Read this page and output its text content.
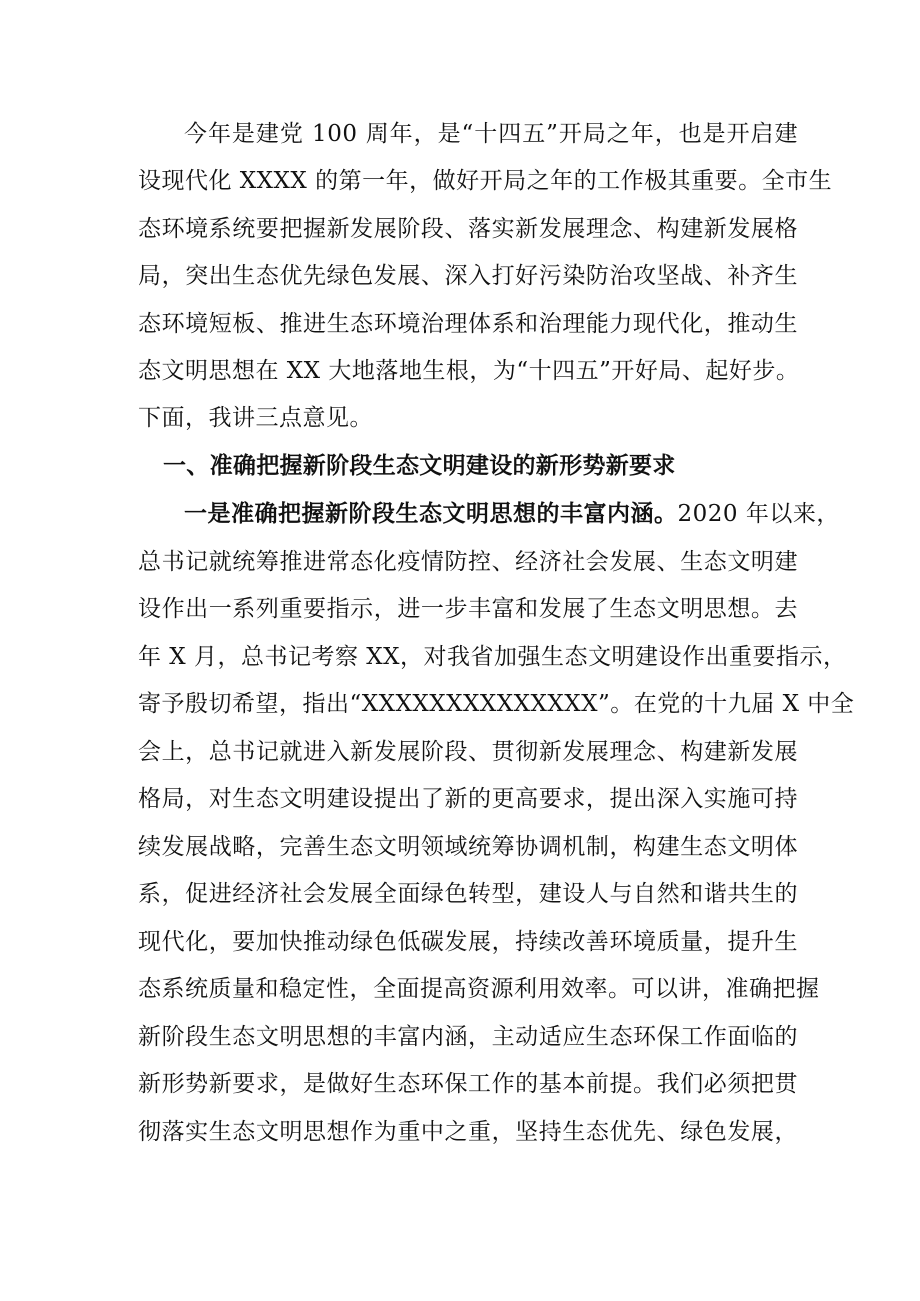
今年是建党 100 周年，是“十四五”开局之年，也是开启建

设现代化 XXXX 的第一年，做好开局之年的工作极其重要。全市生

态环境系统要把握新发展阶段、落实新发展理念、构建新发展格

局，突出生态优先绿色发展、深入打好污染防治攻坚战、补齐生

态环境短板、推进生态环境治理体系和治理能力现代化，推动生

态文明思想在 XX 大地落地生根，为“十四五”开好局、起好步。

下面，我讲三点意见。

一、准确把握新阶段生态文明建设的新形势新要求

一是准确把握新阶段生态文明思想的丰富内涵。2020 年以来，

总书记就统筹推进常态化疫情防控、经济社会发展、生态文明建

设作出一系列重要指示，进一步丰富和发展了生态文明思想。去

年 X 月，总书记考察 XX，对我省加强生态文明建设作出重要指示，

寄予殷切希望，指出“XXXXXXXXXXXXXX”。在党的十九届 X 中全

会上，总书记就进入新发展阶段、贯彻新发展理念、构建新发展

格局，对生态文明建设提出了新的更高要求，提出深入实施可持

续发展战略，完善生态文明领域统筹协调机制，构建生态文明体

系，促进经济社会发展全面绿色转型，建设人与自然和谐共生的

现代化，要加快推动绿色低碳发展，持续改善环境质量，提升生

态系统质量和稳定性，全面提高资源利用效率。可以讲，准确把握

新阶段生态文明思想的丰富内涵，主动适应生态环保工作面临的

新形势新要求，是做好生态环保工作的基本前提。我们必须把贯

彻落实生态文明思想作为重中之重，坚持生态优先、绿色发展，
